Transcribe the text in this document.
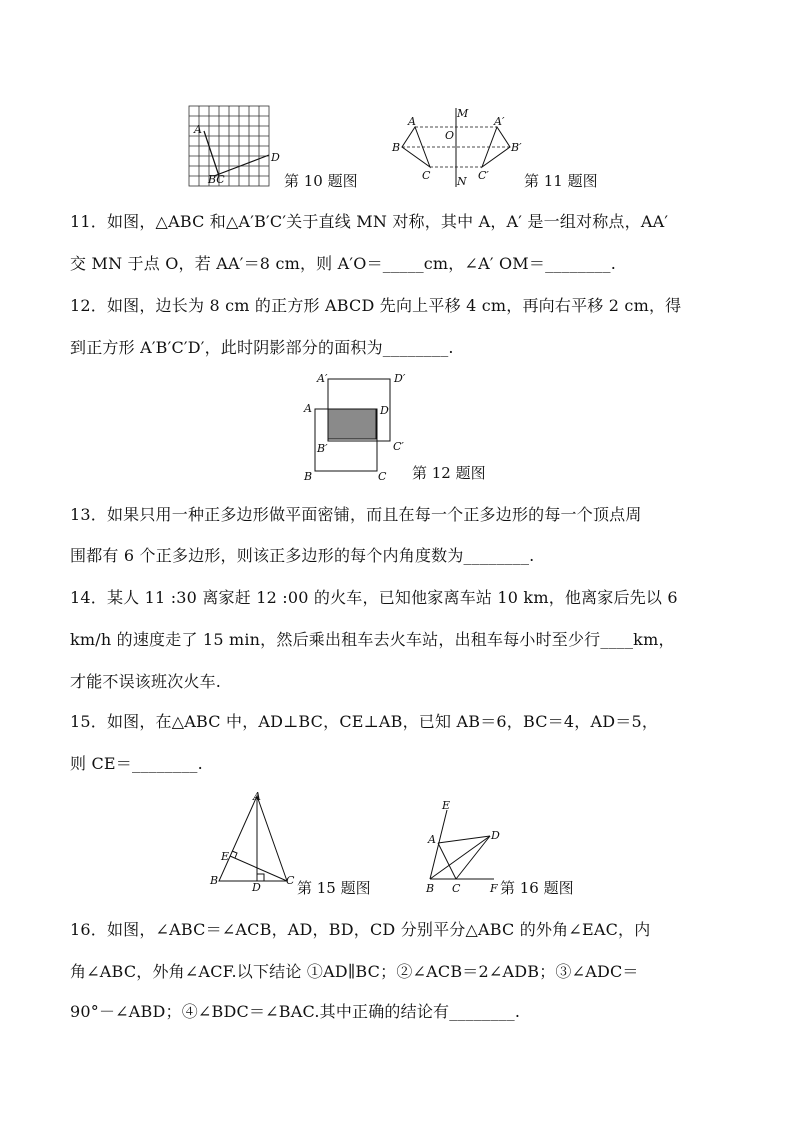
A
BC
D
第 10 题图
M
O
N
A	A′
B	B′
C	C′ 第 11 题图
11．如图，△ABC 和△A′B′C′关于直线 MN 对称，其中 A，A′ 是一组对称点，AA′
交 MN 于点 O，若 AA′＝8 cm，则 A′O＝_____cm，∠A′ OM＝________.
12．如图，边长为 8 cm 的正方形 ABCD 先向上平移 4 cm，再向右平移 2 cm，得
到正方形 A′B′C′D′，此时阴影部分的面积为________.
A′	D′
A	D
B′	C′
B	C 第 12 题图
13．如果只用一种正多边形做平面密铺，而且在每一个正多边形的每一个顶点周
围都有 6 个正多边形，则该正多边形的每个内角度数为________.
14．某人 11 :30 离家赶 12 :00 的火车，已知他家离车站 10 km，他离家后先以 6
km/h 的速度走了 15 min，然后乘出租车去火车站，出租车每小时至少行____km，
才能不误该班次火车.
15．如图，在△ABC 中，AD⊥BC，CE⊥AB，已知 AB＝6，BC＝4，AD＝5，
则 CE＝________.
A
E
B
D
C 第 15 题图
E
A	D
B C	F 第 16 题图
16．如图，∠ABC＝∠ACB，AD，BD，CD 分别平分△ABC 的外角∠EAC，内
角∠ABC，外角∠ACF.以下结论 ①AD∥BC；②∠ACB＝2∠ADB；③∠ADC＝
90°－∠ABD；④∠BDC＝∠BAC.其中正确的结论有________.
